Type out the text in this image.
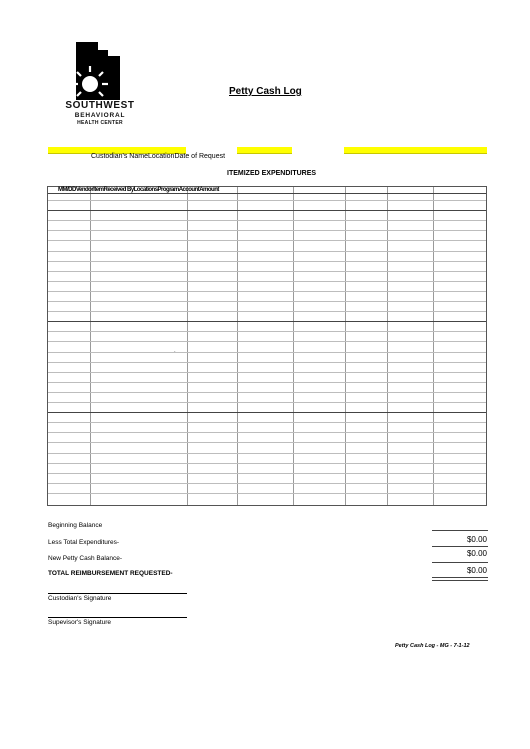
SOUTHWEST
BEHAVIORAL
HEALTH CENTER
Petty Cash Log
Custodian's NameLocationDate of Request
ITEMIZED EXPENDITURES
MM/DDVendorItemReceived ByLocationsProgramAccountAmount
.
Beginning Balance
Less Total Expenditures-
New Petty Cash Balance-
TOTAL REIMBURSEMENT REQUESTED-
$0.00
$0.00
$0.00
Custodian's Signature
Supevisor's Signature
Petty Cash Log - MG - 7-1-12
